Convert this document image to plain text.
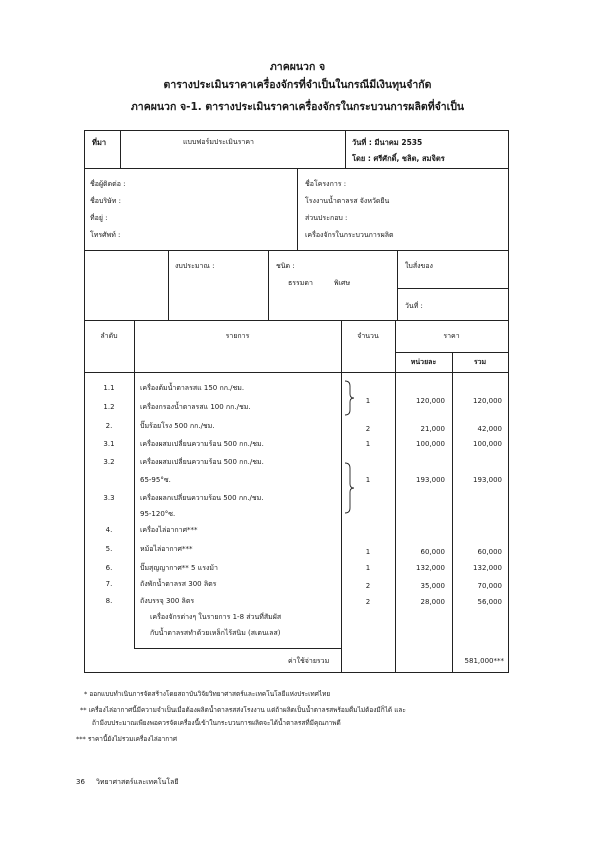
ภาคผนวก จ
ตารางประเมินราคาเครื่องจักรที่จำเป็นในกรณีมีเงินทุนจำกัด
ภาคผนวก จ-1. ตารางประเมินราคาเครื่องจักรในกระบวนการผลิตที่จำเป็น
ที่มา	แบบฟอร์มประเมินราคา	วันที่ : มีนาคม 2535
โดย : ศรีศักดิ์, ชลิต, สมจิตร
ชื่อผู้ติดต่อ :
ชื่อบริษัท :
ที่อยู่ :
โทรศัพท์ :
ชื่อโครงการ :
โรงงานน้ำตาลรส จังหวัดยืน
ส่วนประกอบ :
เครื่องจักรในกระบวนการผลิต
งบประมาณ :	ชนิด :
ธรรมดา	พิเศษ
ใบสั่งของ
วันที่ :
ลำดับ	รายการ	จำนวน	ราคา
หน่วยละ	รวม
1.1	เครื่องต้มน้ำตาลรสแ 150 กก./ชม.
1.2	เครื่องกรองน้ำตาลรสแ 100 กก./ชม.
1	120,000	120,000
2.	ปั๊มร้อยโรง 500 กก./ชม.	2	21,000	42,000
3.1	เครื่องผสมเปลี่ยนความร้อน 500 กก./ชม.	1	100,000	100,000
3.2	เครื่องผสมเปลี่ยนความร้อน 500 กก./ชม.
65-95°ซ.
3.3	เครื่องผลกเปลี่ยนความร้อน 500 กก./ชม.
1	193,000	193,000
95-120°ซ.
4.	เครื่องไล่อากาศ***
5.	หม้อไล่อากาศ***	1	60,000	60,000
6.	ปั๊มสุญญากาศ** 5 แรงม้า	1	132,000	132,000
7.	ถังพักน้ำตาลรส 300 ลิตร	2	35,000	70,000
8.	ถังบรรจุ 300 ลิตร	2	28,000	56,000
เครื่องจักรต่างๆ ในรายการ 1-8 ส่วนที่สัมผัส
กับน้ำตาลรสทำด้วยเหล็กไร้สนิม (สเตนเลส)
ค่าใช้จ่ายรวม	581,000***
* ออกแบบทำเนินการจัดสร้างโดยสถาบันวิจัยวิทยาศาสตร์และเทคโนโลยีแห่งประเทศไทย
** เครื่องไล่อากาศนี้มีความจำเป็นเมื่อต้องผลิตน้ำตาลรสส่งโรงงาน แต่ถ้าผลิตเป็นน้ำตาลรสพร้อมดื่มไม่ต้องมีก็ได้ และ
ถ้ามีงบประมาณเพียงพอควรจัดเครื่องนี้เข้าในกระบวนการผลิตจะได้น้ำตาลรสที่มีคุณภาพดี
*** ราคานี้ยังไม่รวมเครื่องไล่อากาศ
36 วิทยาศาสตร์และเทคโนโลยี
